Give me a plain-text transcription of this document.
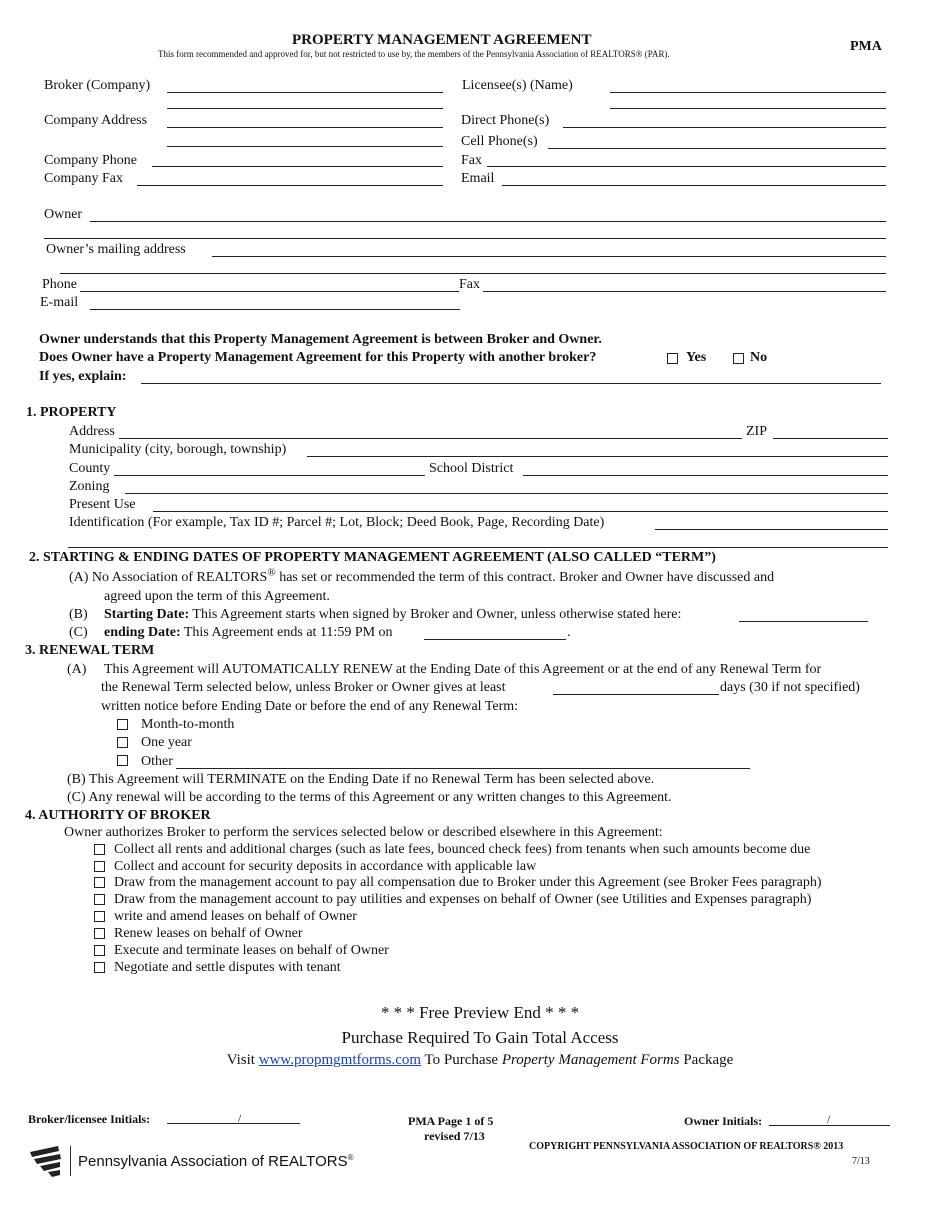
PROPERTY MANAGEMENT AGREEMENT
This form recommended and approved for, but not restricted to use by, the members of the Pennsylvania Association of REALTORS® (PAR).	PMA
Broker (Company)	Licensee(s) (Name)
Company Address	Direct Phone(s)
Cell Phone(s)
Company Phone	Fax
Company Fax	Email
Owner
Owner’s mailing address
Phone	Fax
E-mail
Owner understands that this Property Management Agreement is between Broker and Owner.
Does Owner have a Property Management Agreement for this Property with another broker?	Yes	No
If yes, explain:
1. PROPERTY
Address	ZIP
Municipality (city, borough, township)
County	School District
Zoning
Present Use
Identification (For example, Tax ID #; Parcel #; Lot, Block; Deed Book, Page, Recording Date)
2. STARTING & ENDING DATES OF PROPERTY MANAGEMENT AGREEMENT (ALSO CALLED “TERM”)
(A) No Association of REALTORS® has set or recommended the term of this contract. Broker and Owner have discussed and
agreed upon the term of this Agreement.
(B) Starting Date: This Agreement starts when signed by Broker and Owner, unless otherwise stated here:
(C) ending Date: This Agreement ends at 11:59 PM on	.
3. RENEWAL TERM
(A) This Agreement will AUTOMATICALLY RENEW at the Ending Date of this Agreement or at the end of any Renewal Term for
the Renewal Term selected below, unless Broker or Owner gives at least	days (30 if not specified)
written notice before Ending Date or before the end of any Renewal Term:
Month-to-month
One year
Other
(B) This Agreement will TERMINATE on the Ending Date if no Renewal Term has been selected above.
(C) Any renewal will be according to the terms of this Agreement or any written changes to this Agreement.
4. AUTHORITY OF BROKER
Owner authorizes Broker to perform the services selected below or described elsewhere in this Agreement:
Collect all rents and additional charges (such as late fees, bounced check fees) from tenants when such amounts become due
Collect and account for security deposits in accordance with applicable law
Draw from the management account to pay all compensation due to Broker under this Agreement (see Broker Fees paragraph)
Draw from the management account to pay utilities and expenses on behalf of Owner (see Utilities and Expenses paragraph)
write and amend leases on behalf of Owner
Renew leases on behalf of Owner
Execute and terminate leases on behalf of Owner
Negotiate and settle disputes with tenant
* * * Free Preview End * * *
Purchase Required To Gain Total Access
Visit www.propmgmtforms.com To Purchase Property Management Forms Package
Broker/licensee Initials:	/	PMA Page 1 of 5
revised 7/13
Owner Initials:	/
COPYRIGHT PENNSYLVANIA ASSOCIATION OF REALTORS® 2013
7/13
Pennsylvania Association of REALTORS®
